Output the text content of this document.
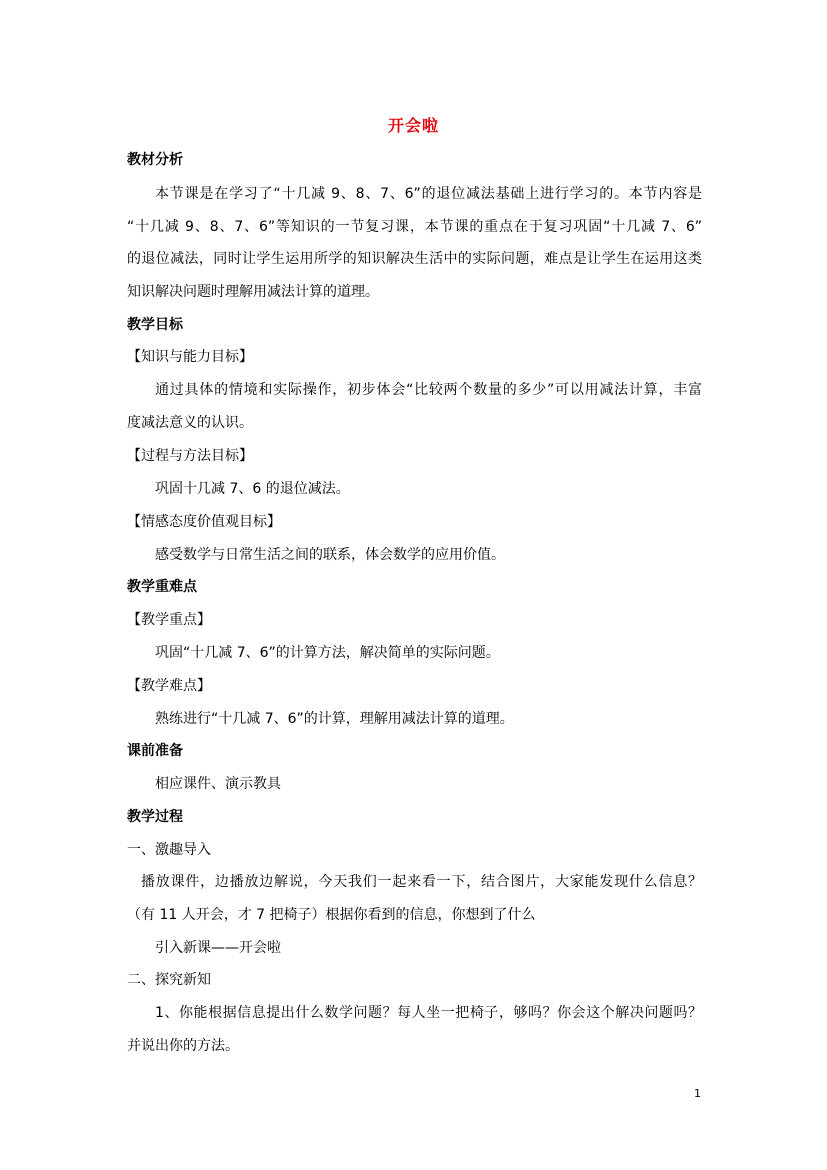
开会啦
教材分析
本节课是在学习了“十几减 9、8、7、6”的退位减法基础上进行学习的。本节内容是
“十几减 9、8、7、6”等知识的一节复习课，本节课的重点在于复习巩固“十几减 7、6”
的退位减法，同时让学生运用所学的知识解决生活中的实际问题，难点是让学生在运用这类
知识解决问题时理解用减法计算的道理。
教学目标
【知识与能力目标】
通过具体的情境和实际操作，初步体会“比较两个数量的多少”可以用减法计算，丰富
度减法意义的认识。
【过程与方法目标】
巩固十几减 7、6 的退位减法。
【情感态度价值观目标】
感受数学与日常生活之间的联系，体会数学的应用价值。
教学重难点
【教学重点】
巩固“十几减 7、6”的计算方法，解决简单的实际问题。
【教学难点】
熟练进行“十几减 7、6”的计算，理解用减法计算的道理。
课前准备
相应课件、演示教具
教学过程
一、激趣导入
播放课件，边播放边解说，今天我们一起来看一下，结合图片，大家能发现什么信息？
（有 11 人开会，才 7 把椅子）根据你看到的信息，你想到了什么
引入新课——开会啦
二、探究新知
1、你能根据信息提出什么数学问题？每人坐一把椅子，够吗？你会这个解决问题吗？
并说出你的方法。
1
